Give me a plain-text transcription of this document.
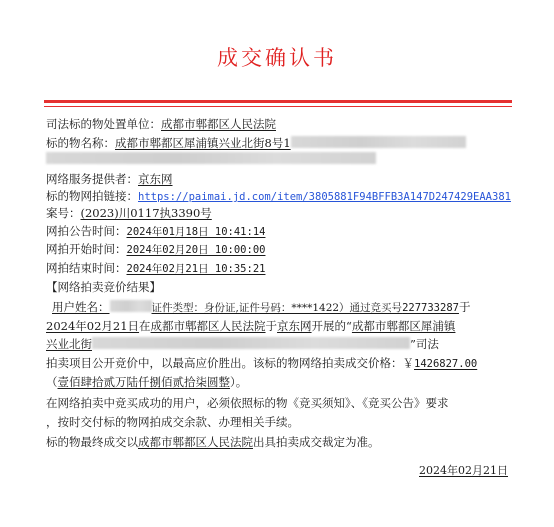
成交确认书
司法标的物处置单位：成都市郫都区人民法院
标的物名称：成都市郫都区犀浦镇兴业北街8号1
网络服务提供者：京东网
标的物网拍链接：https://paimai.jd.com/item/3805881F94BFFB3A147D247429EAA381
案号：(2023)川0117执3390号
网拍公告时间：2024年01月18日 10:41:14
网拍开始时间：2024年02月20日 10:00:00
网拍结束时间：2024年02月21日 10:35:21
【网络拍卖竞价结果】
用户姓名：	证件类型：身份证,证件号码：****1422）通过竞买号227733287于
2024年02月21日在成都市郫都区人民法院于京东网开展的“成都市郫都区犀浦镇
兴业北街	”司法
拍卖项目公开竞价中，以最高应价胜出。该标的物网络拍卖成交价格：￥1426827.00
（壹佰肆拾贰万陆仟捌佰贰拾柒圆整）。
在网络拍卖中竞买成功的用户，必须依照标的物《竞买须知》、《竞买公告》要求
，按时交付标的物网拍成交余款、办理相关手续。
标的物最终成交以成都市郫都区人民法院出具拍卖成交裁定为准。
2024年02月21日
